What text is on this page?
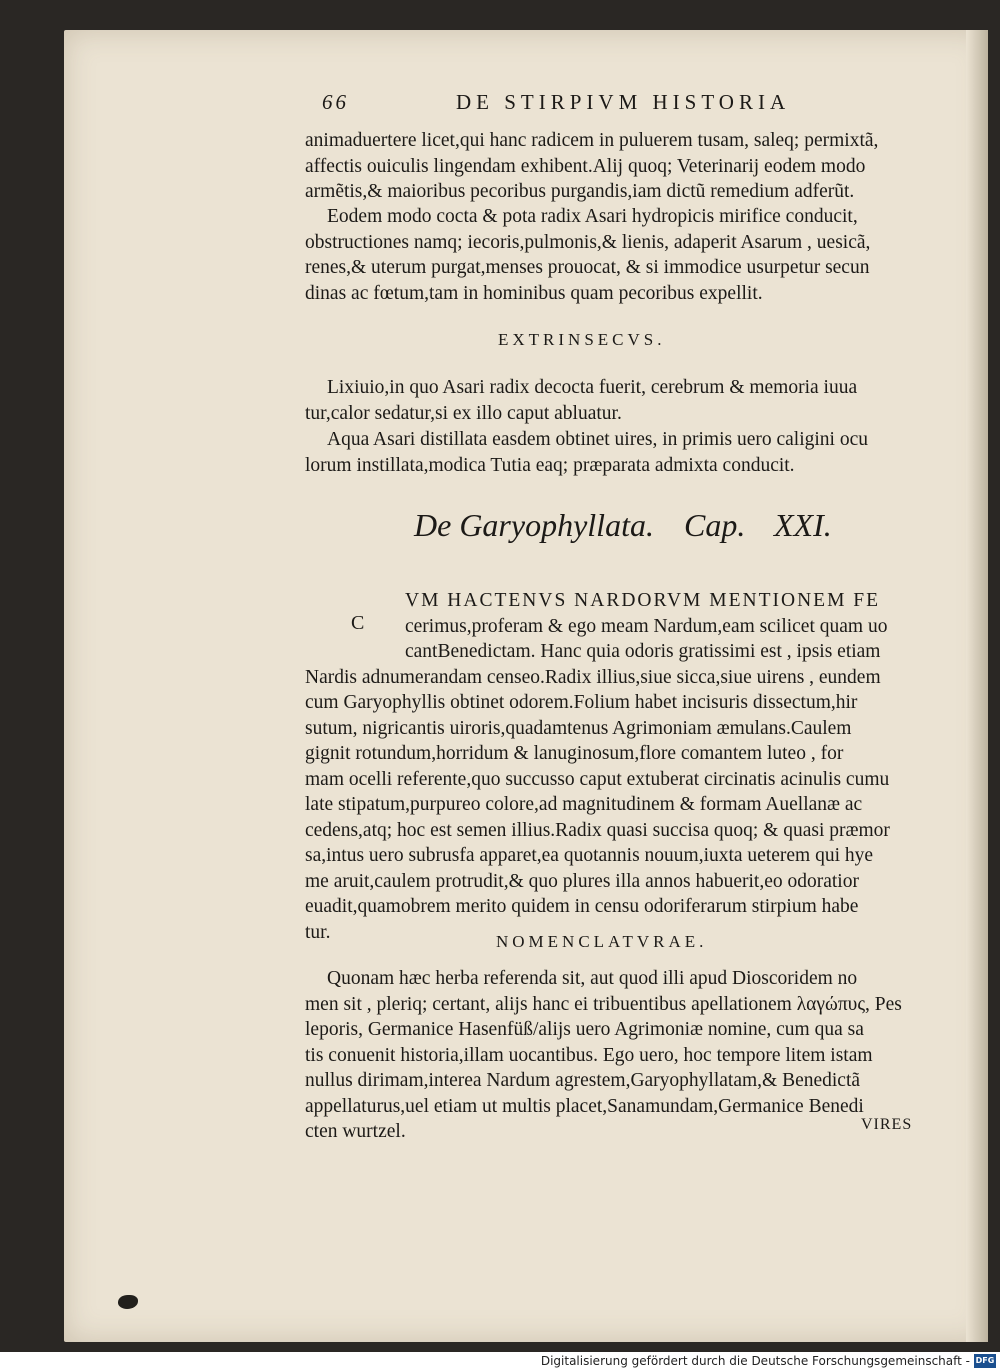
66	DE STIRPIVM HISTORIA
animaduertere licet,qui hanc radicem in puluerem tusam, saleq; permixtã,
affectis ouiculis lingendam exhibent.Alij quoq; Veterinarij eodem modo
armẽtis,& maioribus pecoribus purgandis,iam dictũ remedium adferũt.
Eodem modo cocta & pota radix Asari hydropicis mirifice conducit,
obstructiones namq; iecoris,pulmonis,& lienis, adaperit Asarum , uesicã,
renes,& uterum purgat,menses prouocat, & si immodice usurpetur secun
dinas ac fœtum,tam in hominibus quam pecoribus expellit.
EXTRINSECVS.
Lixiuio,in quo Asari radix decocta fuerit, cerebrum & memoria iuua
tur,calor sedatur,si ex illo caput abluatur.
Aqua Asari distillata easdem obtinet uires, in primis uero caligini ocu
lorum instillata,modica Tutia eaq; præparata admixta conducit.
De Garyophyllata. Cap. XXI.
C
VM HACTENVS NARDORVM MENTIONEM FE
cerimus,proferam & ego meam Nardum,eam scilicet quam uo
cantBenedictam. Hanc quia odoris gratissimi est , ipsis etiam
Nardis adnumerandam censeo.Radix illius,siue sicca,siue uirens , eundem
cum Garyophyllis obtinet odorem.Folium habet incisuris dissectum,hir
sutum, nigricantis uiroris,quadamtenus Agrimoniam æmulans.Caulem
gignit rotundum,horridum & lanuginosum,flore comantem luteo , for
mam ocelli referente,quo succusso caput extuberat circinatis acinulis cumu
late stipatum,purpureo colore,ad magnitudinem & formam Auellanæ ac
cedens,atq; hoc est semen illius.Radix quasi succisa quoq; & quasi præmor
sa,intus uero subrusfa apparet,ea quotannis nouum,iuxta ueterem qui hye
me aruit,caulem protrudit,& quo plures illa annos habuerit,eo odoratior
euadit,quamobrem merito quidem in censu odoriferarum stirpium habe
tur.	NOMENCLATVRAE.
Quonam hæc herba referenda sit, aut quod illi apud Dioscoridem no
men sit , pleriq; certant, alijs hanc ei tribuentibus apellationem λαγώπυς, Pes
leporis, Germanice Hasenfüß/alijs uero Agrimoniæ nomine, cum qua sa
tis conuenit historia,illam uocantibus. Ego uero, hoc tempore litem istam
nullus dirimam,interea Nardum agrestem,Garyophyllatam,& Benedictã
appellaturus,uel etiam ut multis placet,Sanamundam,Germanice Benedi
cten wurtzel.	VIRES
Digitalisierung gefördert durch die Deutsche Forschungsgemeinschaft - DFG
